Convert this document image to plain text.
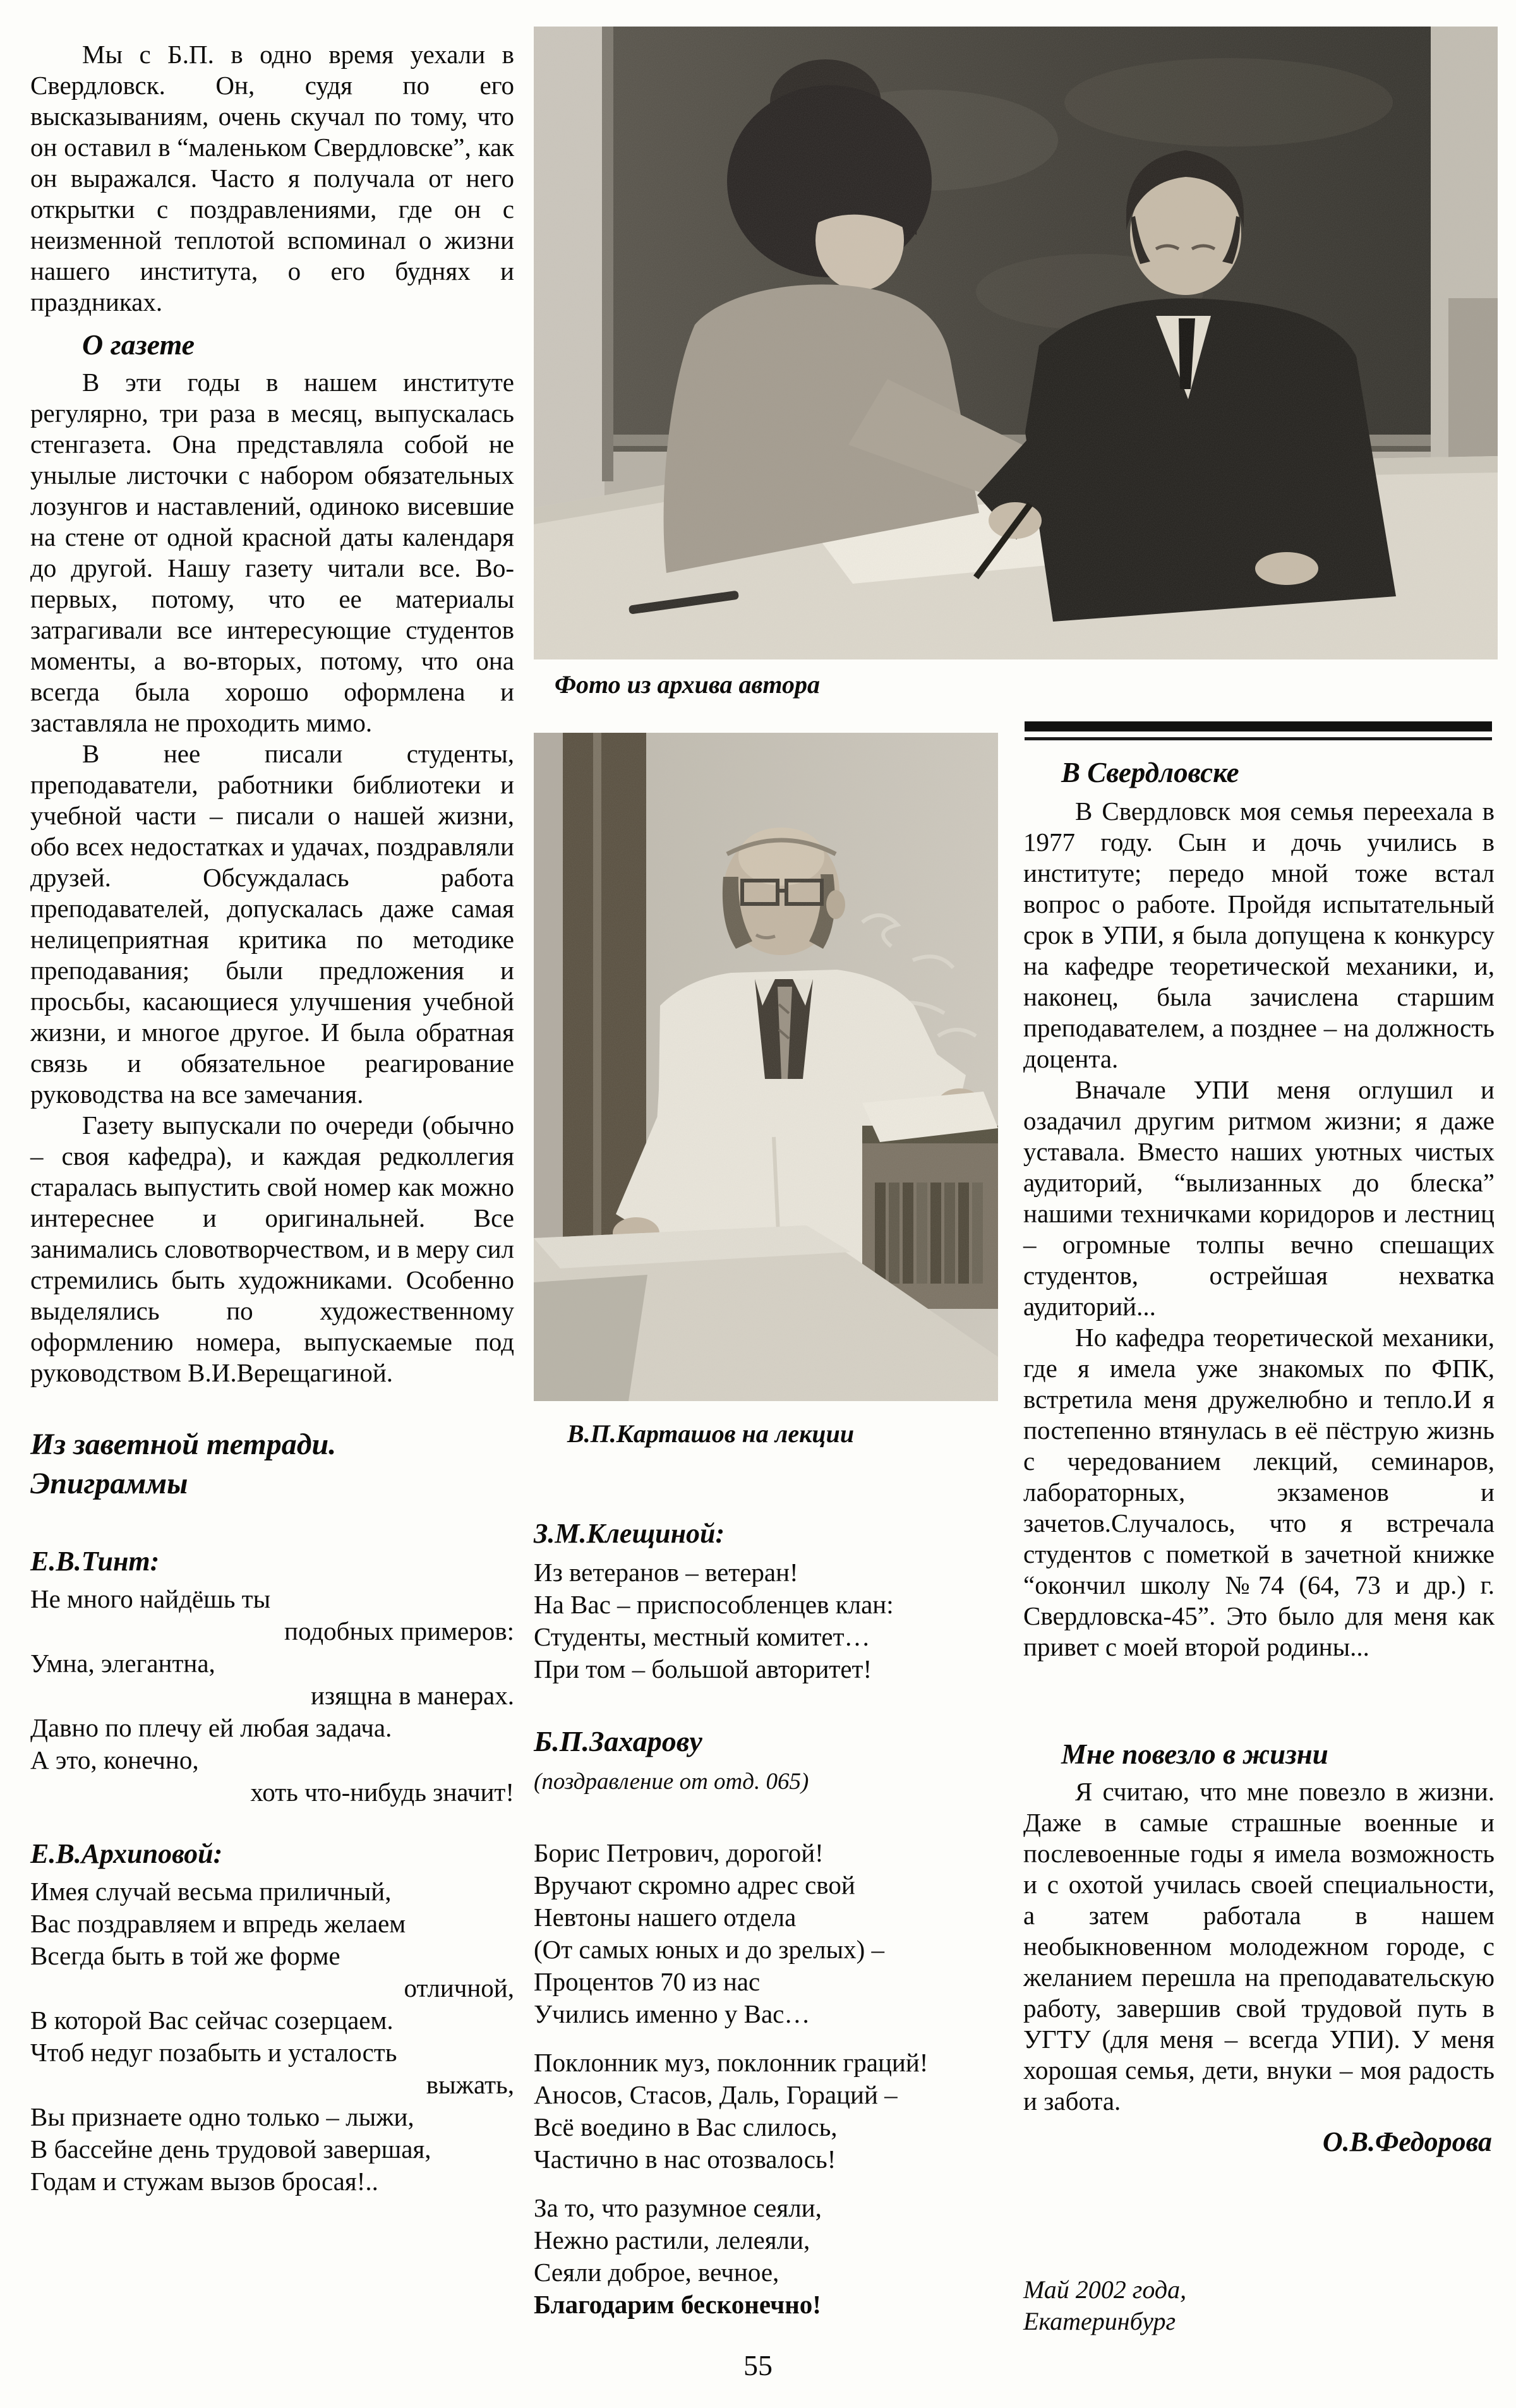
Мы с Б.П. в одно время уехали в Свердловск. Он, судя по его высказываниям, очень скучал по тому, что он оставил в “маленьком Свердловске”, как он выражался. Часто я получала от него открытки с поздравлениями, где он с неизменной теплотой вспоминал о жизни нашего института, о его буднях и праздниках.

О газете

В эти годы в нашем институте регулярно, три раза в месяц, выпускалась стенгазета. Она представляла собой не унылые листочки с набором обязательных лозунгов и наставлений, одиноко висевшие на стене от одной красной даты календаря до другой. Нашу газету читали все. Во-первых, потому, что ее материалы затрагивали все интересующие студентов моменты, а во-вторых, потому, что она всегда была хорошо оформлена и заставляла не проходить мимо.

В нее писали студенты, преподаватели, работники библиотеки и учебной части – писали о нашей жизни, обо всех недостатках и удачах, поздравляли друзей. Обсуждалась работа преподавателей, допускалась даже самая нелицеприятная критика по методике преподавания; были предложения и просьбы, касающиеся улучшения учебной жизни, и многое другое. И была обратная связь и обязательное реагирование руководства на все замечания.

Газету выпускали по очереди (обычно – своя кафедра), и каждая редколлегия старалась выпустить свой номер как можно интереснее и оригинальней. Все занимались словотворчеством, и в меру сил стремились быть художниками. Особенно выделялись по художественному оформлению номера, выпускаемые под руководством В.И.Верещагиной.

Из заветной тетради.
Эпиграммы
Е.В.Тинт:
Не много найдёшь ты
подобных примеров:
Умна, элегантна,
изящна в манерах.
Давно по плечу ей любая задача.
А это, конечно,
хоть что-нибудь значит!
Е.В.Архиповой:
Имея случай весьма приличный,
Вас поздравляем и впредь желаем
Всегда быть в той же форме
отличной,
В которой Вас сейчас созерцаем.
Чтоб недуг позабыть и усталость
выжать,
Вы признаете одно только – лыжи,
В бассейне день трудовой завершая,
Годам и стужам вызов бросая!..
Фото из архива автора
В.П.Карташов на лекции
З.М.Клещиной:
Из ветеранов – ветеран!
На Вас – приспособленцев клан:
Студенты, местный комитет…
При том – большой авторитет!
Б.П.Захарову
(поздравление от отд. 065)
Борис Петрович, дорогой!
Вручают скромно адрес свой
Невтоны нашего отдела
(От самых юных и до зрелых) –
Процентов 70 из нас
Учились именно у Вас…
Поклонник муз, поклонник граций!
Аносов, Стасов, Даль, Гораций –
Всё воедино в Вас слилось,
Частично в нас отозвалось!
За то, что разумное сеяли,
Нежно растили, лелеяли,
Сеяли доброе, вечное,
Благодарим бесконечно!
В Свердловске

В Свердловск моя семья переехала в 1977 году. Сын и дочь учились в институте; передо мной тоже встал вопрос о работе. Пройдя испытательный срок в УПИ, я была допущена к конкурсу на кафедре теоретической механики, и, наконец, была зачислена старшим преподавателем, а позднее – на должность доцента.

Вначале УПИ меня оглушил и озадачил другим ритмом жизни; я даже уставала. Вместо наших уютных чистых аудиторий, “вылизанных до блеска” нашими техничками коридоров и лестниц – огромные толпы вечно спешащих студентов, острейшая нехватка аудиторий...

Но кафедра теоретической механики, где я имела уже знакомых по ФПК, встретила меня дружелюбно и тепло.И я постепенно втянулась в её пёструю жизнь с чередованием лекций, семинаров, лабораторных, экзаменов и зачетов.Случалось, что я встречала студентов с пометкой в зачетной книжке “окончил школу №74 (64, 73 и др.) г. Свердловска-45”. Это было для меня как привет с моей второй родины...

Мне повезло в жизни

Я считаю, что мне повезло в жизни. Даже в самые страшные военные и послевоенные годы я имела возможность и с охотой училась своей специальности, а затем работала в нашем необыкновенном молодежном городе, с желанием перешла на преподавательскую работу, завершив свой трудовой путь в УГТУ (для меня – всегда УПИ). У меня хорошая семья, дети, внуки – моя радость и забота.

О.В.Федорова
Май 2002 года,
Екатеринбург
55
